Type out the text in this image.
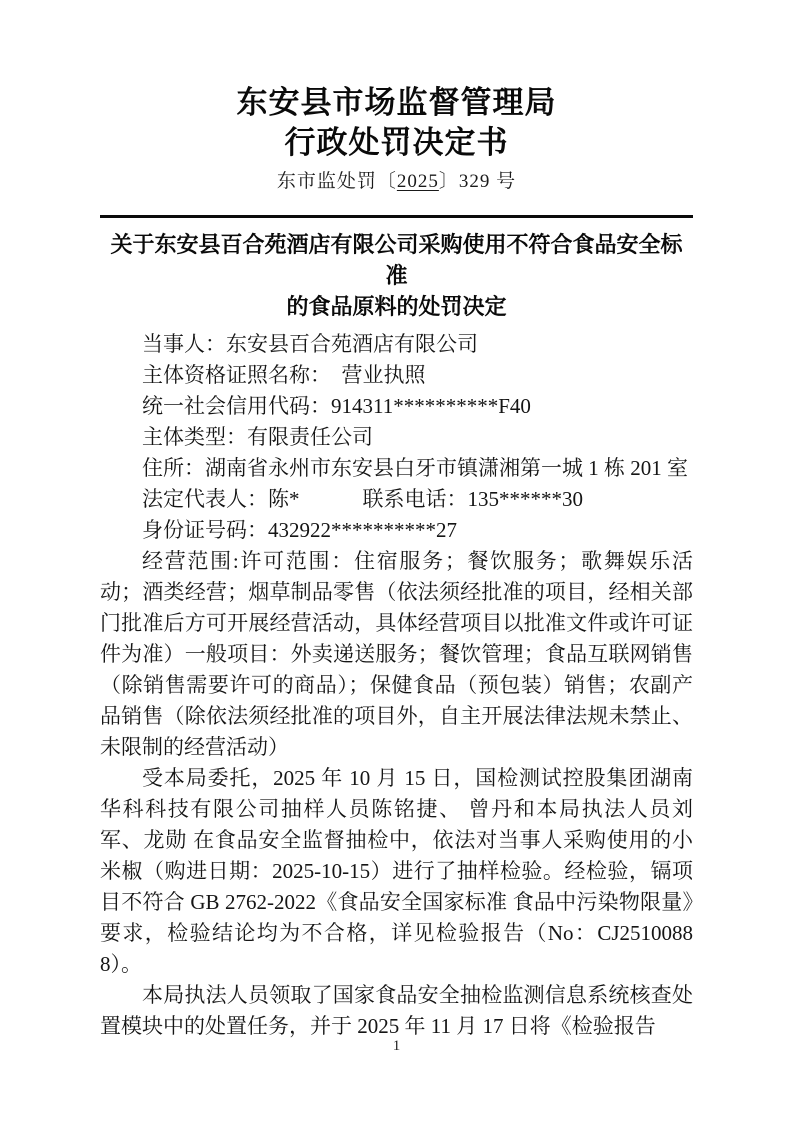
东安县市场监督管理局
行政处罚决定书
东市监处罚〔2025〕329 号
关于东安县百合苑酒店有限公司采购使用不符合食品安全标准
的食品原料的处罚决定

当事人：东安县百合苑酒店有限公司

主体资格证照名称：　营业执照

统一社会信用代码：914311**********F40

主体类型：有限责任公司

住所：湖南省永州市东安县白牙市镇潇湘第一城 1 栋 201 室

法定代表人：陈*　　　联系电话：135******30

身份证号码：432922**********27

经营范围:许可范围：住宿服务；餐饮服务；歌舞娱乐活动；酒类经营；烟草制品零售（依法须经批准的项目，经相关部门批准后方可开展经营活动，具体经营项目以批准文件或许可证件为准）一般项目：外卖递送服务；餐饮管理；食品互联网销售（除销售需要许可的商品）；保健食品（预包装）销售；农副产品销售（除依法须经批准的项目外，自主开展法律法规未禁止、未限制的经营活动）

受本局委托，2025 年 10 月 15 日，国检测试控股集团湖南华科科技有限公司抽样人员陈铭捷、 曾丹和本局执法人员刘军、龙勋 在食品安全监督抽检中，依法对当事人采购使用的小米椒（购进日期：2025-10-15）进行了抽样检验。经检验，镉项目不符合 GB 2762-2022《食品安全国家标准 食品中污染物限量》要求，检验结论均为不合格，详见检验报告（No：CJ25100888）。

本局执法人员领取了国家食品安全抽检监测信息系统核查处置模块中的处置任务，并于 2025 年 11 月 17 日将《检验报告

1
